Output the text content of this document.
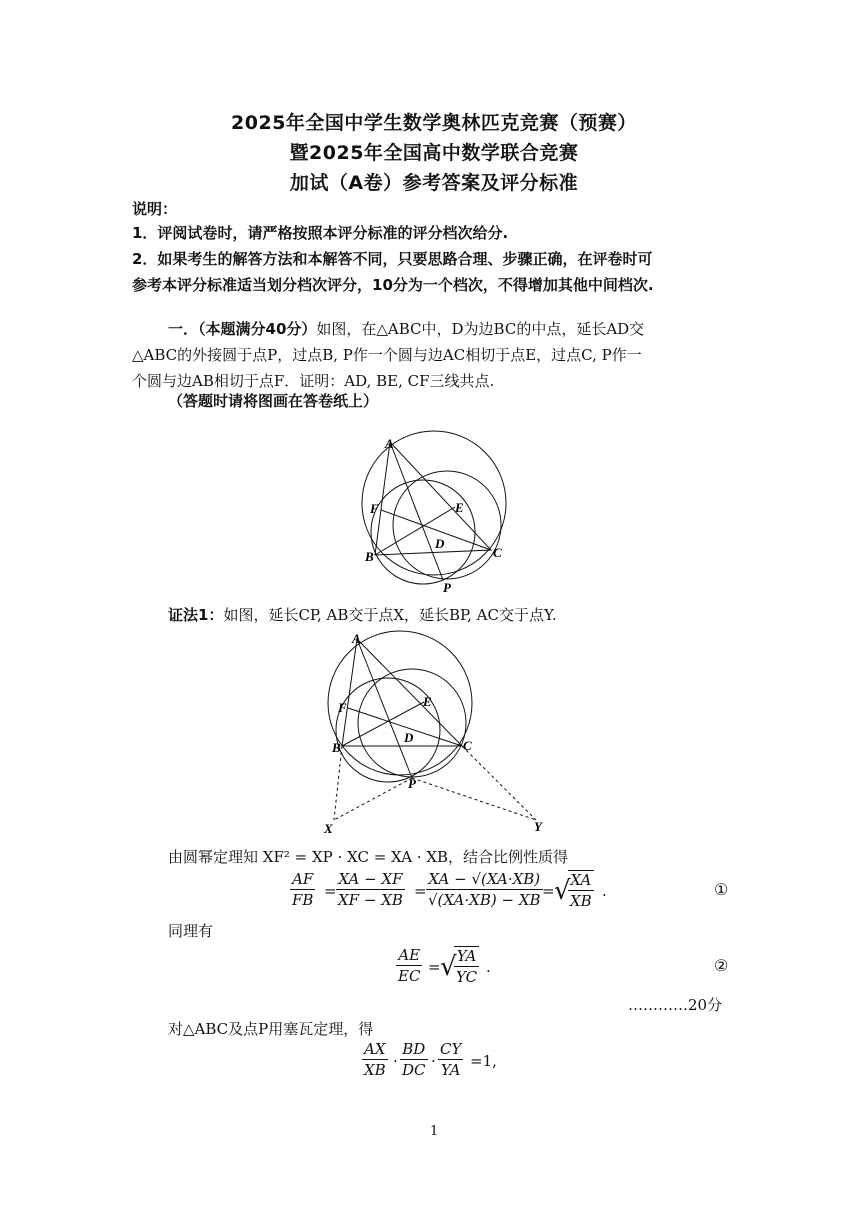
2025年全国中学生数学奥林匹克竞赛（预赛）
暨2025年全国高中数学联合竞赛
加试（A卷）参考答案及评分标准
说明：
1．评阅试卷时，请严格按照本评分标准的评分档次给分.
2．如果考生的解答方法和本解答不同，只要思路合理、步骤正确，在评卷时可
参考本评分标准适当划分档次评分，10分为一个档次，不得增加其他中间档次.
一．（本题满分40分）如图，在△ABC中，D为边BC的中点，延长AD交
△ABC的外接圆于点P，过点B, P作一个圆与边AC相切于点E，过点C, P作一
个圆与边AB相切于点F．证明：AD, BE, CF三线共点.
（答题时请将图画在答卷纸上）
A
F	E
D
B	C
P
证法1：如图，延长CP, AB交于点X，延长BP, AC交于点Y.
A
F	E
D
B	C
P
X	Y
由圆幂定理知 XF² = XP · XC = XA · XB，结合比例性质得
$\frac{AF}{FB} = \frac{XA - XF}{XF - XB} = \frac{XA - √(XA\cdot XB)}{√(XA\cdot XB) - XB}$ = √
$\frac{XA}{XB}$ .	①
同理有
$\frac{AE}{EC}$ = √
$\frac{YA}{YC}$ .	②
…………20分
对△ABC及点P用塞瓦定理，得
$\frac{AX}{XB} \cdot \frac{BD}{DC} \cdot \frac{CY}{YA} =1$,
1
